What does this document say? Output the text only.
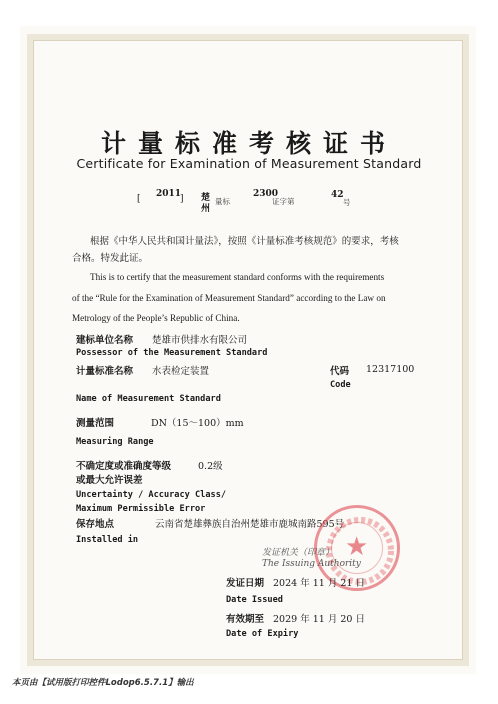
计量标准考核证书
Certificate for Examination of Measurement Standard
[ 2011
] 楚
州
量标
2300
证字第
42
号
根据《中华人民共和国计量法》，按照《计量标准考核规范》的要求，考核
合格。特发此证。
This is to certify that the measurement standard conforms with the requirements
of the “Rule for the Examination of Measurement Standard” according to the Law on
Metrology of the People’s Republic of China.
建标单位名称 楚雄市供排水有限公司
Possessor of the Measurement Standard
计量标准名称 水表检定装置	代码 12317100
Code
Name of Measurement Standard
测量范围	DN（15～100）mm
Measuring Range
不确定度或准确度等级	0.2级
或最大允许误差
Uncertainty / Accuracy Class/
Maximum Permissible Error
保存地点	云南省楚雄彝族自治州楚雄市鹿城南路595号
Installed in	★
发证机关（印章）
The Issuing Authority
发证日期 2024 年 11 月 21 日
Date Issued
有效期至 2029 年 11 月 20 日
Date of Expiry
本页由【试用版打印控件Lodop6.5.7.1】输出
